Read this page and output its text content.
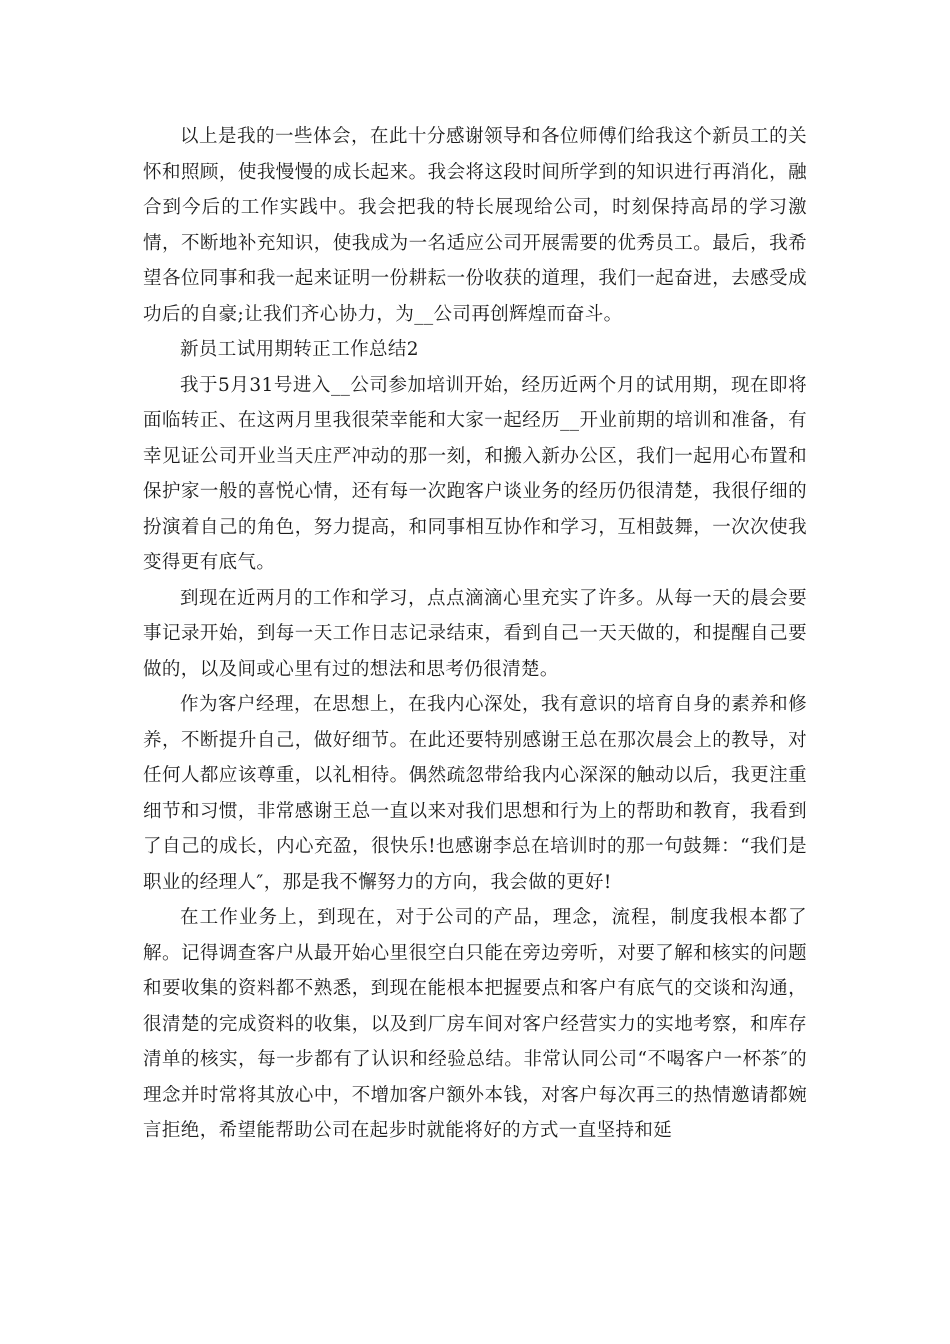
以上是我的一些体会，在此十分感谢领导和各位师傅们给我这个新员工的关怀和照顾，使我慢慢的成长起来。我会将这段时间所学到的知识进行再消化，融合到今后的工作实践中。我会把我的特长展现给公司，时刻保持高昂的学习激情，不断地补充知识，使我成为一名适应公司开展需要的优秀员工。最后，我希望各位同事和我一起来证明一份耕耘一份收获的道理，我们一起奋进，去感受成功后的自豪;让我们齐心协力，为__公司再创辉煌而奋斗。

新员工试用期转正工作总结2

我于5月31号进入__公司参加培训开始，经历近两个月的试用期，现在即将面临转正、在这两月里我很荣幸能和大家一起经历__开业前期的培训和准备，有幸见证公司开业当天庄严冲动的那一刻，和搬入新办公区，我们一起用心布置和保护家一般的喜悦心情，还有每一次跑客户谈业务的经历仍很清楚，我很仔细的扮演着自己的角色，努力提高，和同事相互协作和学习，互相鼓舞，一次次使我变得更有底气。

到现在近两月的工作和学习，点点滴滴心里充实了许多。从每一天的晨会要事记录开始，到每一天工作日志记录结束，看到自己一天天做的，和提醒自己要做的，以及间或心里有过的想法和思考仍很清楚。

作为客户经理，在思想上，在我内心深处，我有意识的培育自身的素养和修养，不断提升自己，做好细节。在此还要特别感谢王总在那次晨会上的教导，对任何人都应该尊重，以礼相待。偶然疏忽带给我内心深深的触动以后，我更注重细节和习惯，非常感谢王总一直以来对我们思想和行为上的帮助和教育，我看到了自己的成长，内心充盈，很快乐!也感谢李总在培训时的那一句鼓舞：“我们是职业的经理人″，那是我不懈努力的方向，我会做的更好!

在工作业务上，到现在，对于公司的产品，理念，流程，制度我根本都了解。记得调查客户从最开始心里很空白只能在旁边旁听，对要了解和核实的问题和要收集的资料都不熟悉，到现在能根本把握要点和客户有底气的交谈和沟通，很清楚的完成资料的收集，以及到厂房车间对客户经营实力的实地考察，和库存清单的核实，每一步都有了认识和经验总结。非常认同公司“不喝客户一杯茶″的理念并时常将其放心中，不增加客户额外本钱，对客户每次再三的热情邀请都婉言拒绝，希望能帮助公司在起步时就能将好的方式一直坚持和延
